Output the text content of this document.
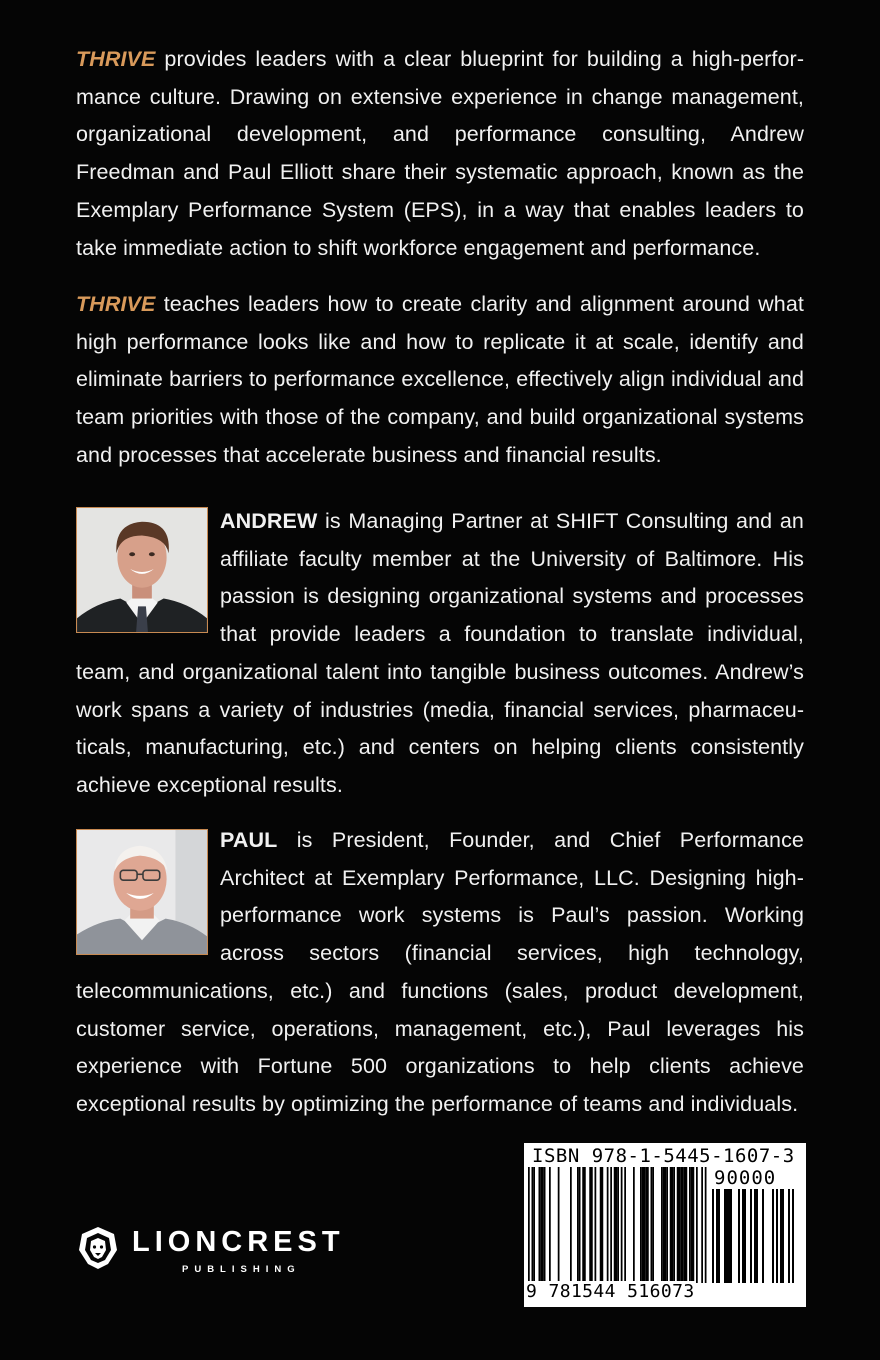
THRIVE provides leaders with a clear blueprint for building a high-performance culture. Drawing on extensive experience in change management, organizational development, and performance consulting, Andrew Freedman and Paul Elliott share their systematic approach, known as the Exemplary Performance System (EPS), in a way that enables leaders to take immediate action to shift workforce engagement and performance.

THRIVE teaches leaders how to create clarity and alignment around what high performance looks like and how to replicate it at scale, identify and eliminate barriers to performance excellence, effectively align individual and team priorities with those of the company, and build organizational systems and processes that accelerate business and financial results.

ANDREW is Managing Partner at SHIFT Consulting and an affiliate faculty member at the University of Baltimore. His passion is designing organizational systems and processes that provide leaders a foundation to translate individual, team, and organizational talent into tangible business outcomes. Andrew’s work spans a variety of industries (media, financial services, pharmaceuticals, manufacturing, etc.) and centers on helping clients consistently achieve exceptional results.
PAUL is President, Founder, and Chief Performance Architect at Exemplary Performance, LLC. Designing high-performance work systems is Paul’s passion. Working across sectors (financial services, high technology, telecommunications, etc.) and functions (sales, product development, customer service, operations, management, etc.), Paul leverages his experience with Fortune 500 organizations to help clients achieve exceptional results by optimizing the performance of teams and individuals.
LIONCREST
PUBLISHING
ISBN 978-1-5445-1607-3
90000
9 781544 516073
